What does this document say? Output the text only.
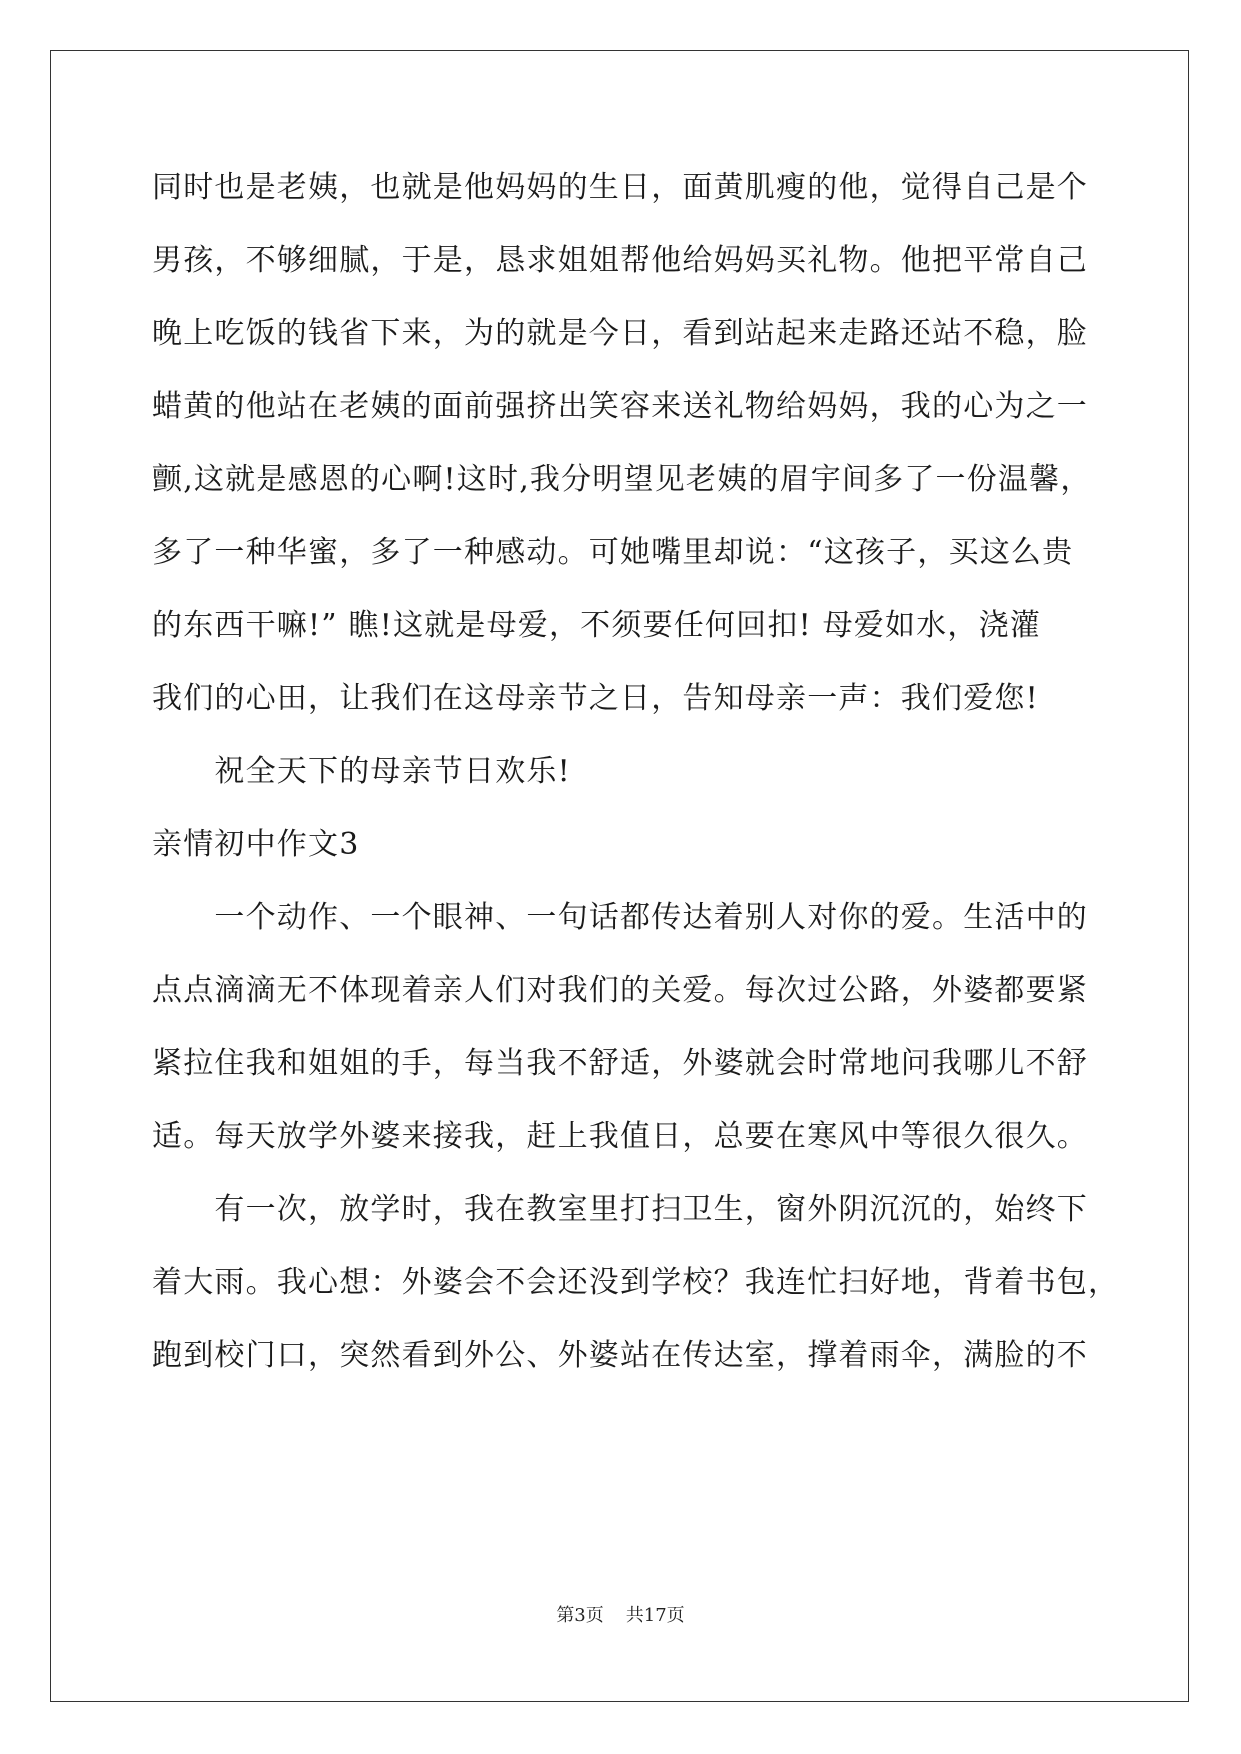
同时也是老姨，也就是他妈妈的生日，面黄肌瘦的他，觉得自己是个
男孩，不够细腻，于是，恳求姐姐帮他给妈妈买礼物。他把平常自己
晚上吃饭的钱省下来，为的就是今日，看到站起来走路还站不稳，脸
蜡黄的他站在老姨的面前强挤出笑容来送礼物给妈妈，我的心为之一
颤,这就是感恩的心啊!这时,我分明望见老姨的眉宇间多了一份温馨，
多了一种华蜜，多了一种感动。可她嘴里却说：“这孩子，买这么贵
的东西干嘛!” 瞧!这就是母爱，不须要任何回扣! 母爱如水，浇灌
我们的心田，让我们在这母亲节之日，告知母亲一声：我们爱您!
　　祝全天下的母亲节日欢乐!
亲情初中作文3
　　一个动作、一个眼神、一句话都传达着别人对你的爱。生活中的
点点滴滴无不体现着亲人们对我们的关爱。每次过公路，外婆都要紧
紧拉住我和姐姐的手，每当我不舒适，外婆就会时常地问我哪儿不舒
适。每天放学外婆来接我，赶上我值日，总要在寒风中等很久很久。
　　有一次，放学时，我在教室里打扫卫生，窗外阴沉沉的，始终下
着大雨。我心想：外婆会不会还没到学校？我连忙扫好地，背着书包，
跑到校门口，突然看到外公、外婆站在传达室，撑着雨伞，满脸的不
第3页 共17页
